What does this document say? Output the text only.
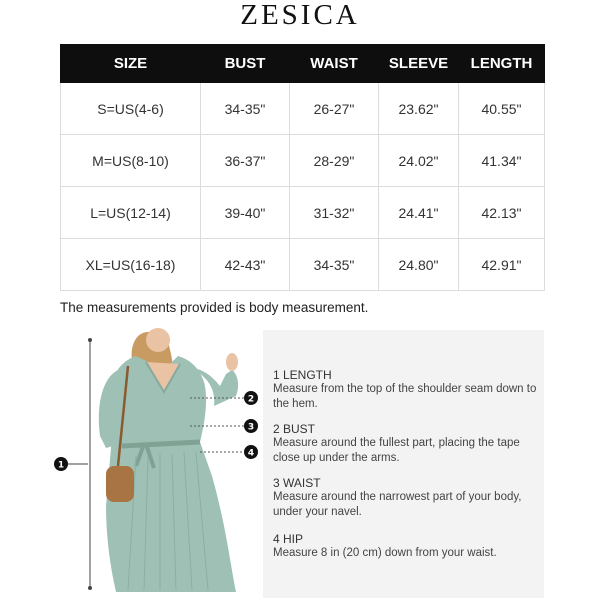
ZESICA
SIZE	BUST	WAIST	SLEEVE	LENGTH
S=US(4-6)	34-35"	26-27"	23.62"	40.55"
M=US(8-10)	36-37"	28-29"	24.02"	41.34"
L=US(12-14)	39-40"	31-32"	24.41"	42.13"
XL=US(16-18)	42-43"	34-35"	24.80"	42.91"
The measurements provided is body measurement.
1
2
3
4
1 LENGTH
Measure from the top of the shoulder seam down to the hem.
2 BUST
Measure around the fullest part, placing the tape close up under the arms.
3 WAIST
Measure around the narrowest part of your body, under your navel.
4 HIP
Measure 8 in (20 cm) down from your waist.
